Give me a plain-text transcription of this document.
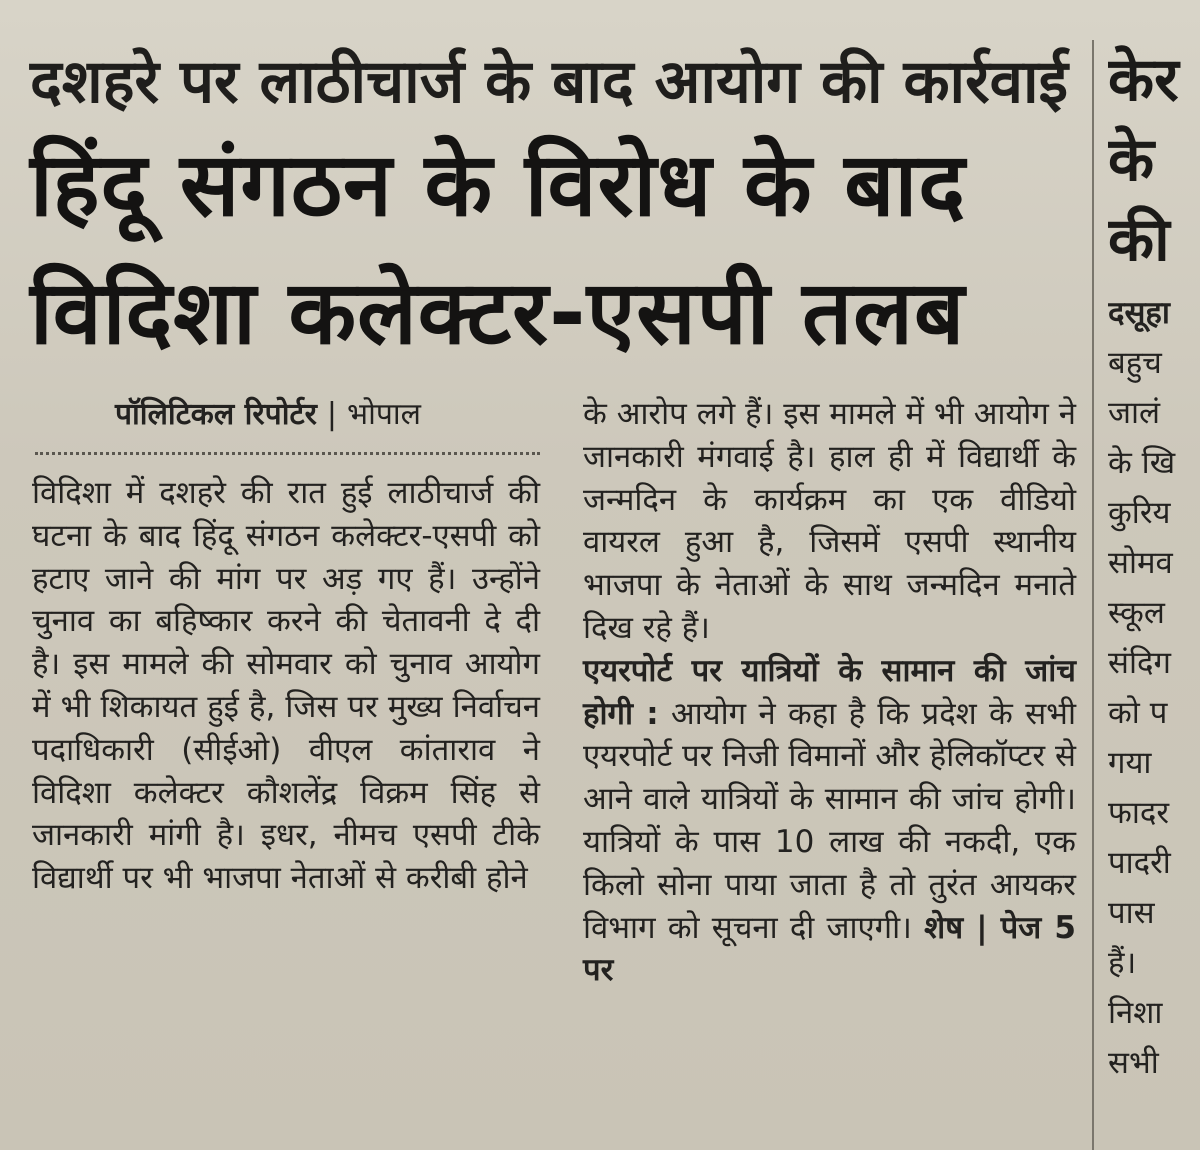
दशहरे पर लाठीचार्ज के बाद आयोग की कार्रवाई
हिंदू संगठन के विरोध के बाद
विदिशा कलेक्टर-एसपी तलब
पॉलिटिकल रिपोर्टर | भोपाल

विदिशा में दशहरे की रात हुई लाठीचार्ज की घटना के बाद हिंदू संगठन कलेक्टर-एसपी को हटाए जाने की मांग पर अड़ गए हैं। उन्होंने चुनाव का बहिष्कार करने की चेतावनी दे दी है। इस मामले की सोमवार को चुनाव आयोग में भी शिकायत हुई है, जिस पर मुख्य निर्वाचन पदाधिकारी (सीईओ) वीएल कांताराव ने विदिशा कलेक्टर कौशलेंद्र विक्रम सिंह से जानकारी मांगी है। इधर, नीमच एसपी टीके विद्यार्थी पर भी भाजपा नेताओं से करीबी होने

के आरोप लगे हैं। इस मामले में भी आयोग ने जानकारी मंगवाई है। हाल ही में विद्यार्थी के जन्मदिन के कार्यक्रम का एक वीडियो वायरल हुआ है, जिसमें एसपी स्थानीय भाजपा के नेताओं के साथ जन्मदिन मनाते दिख रहे हैं।

एयरपोर्ट पर यात्रियों के सामान की जांच होगी : आयोग ने कहा है कि प्रदेश के सभी एयरपोर्ट पर निजी विमानों और हेलिकॉप्टर से आने वाले यात्रियों के सामान की जांच होगी। यात्रियों के पास 10 लाख की नकदी, एक किलो सोना पाया जाता है तो तुरंत आयकर विभाग को सूचना दी जाएगी। शेष | पेज 5 पर

केर
के
की
दसूहा
बहुच
जालं
के खि
कुरिय
सोमव
स्कूल
संदिग
को प
गया
फादर
पादरी
पास
हैं।
निशा
सभी
